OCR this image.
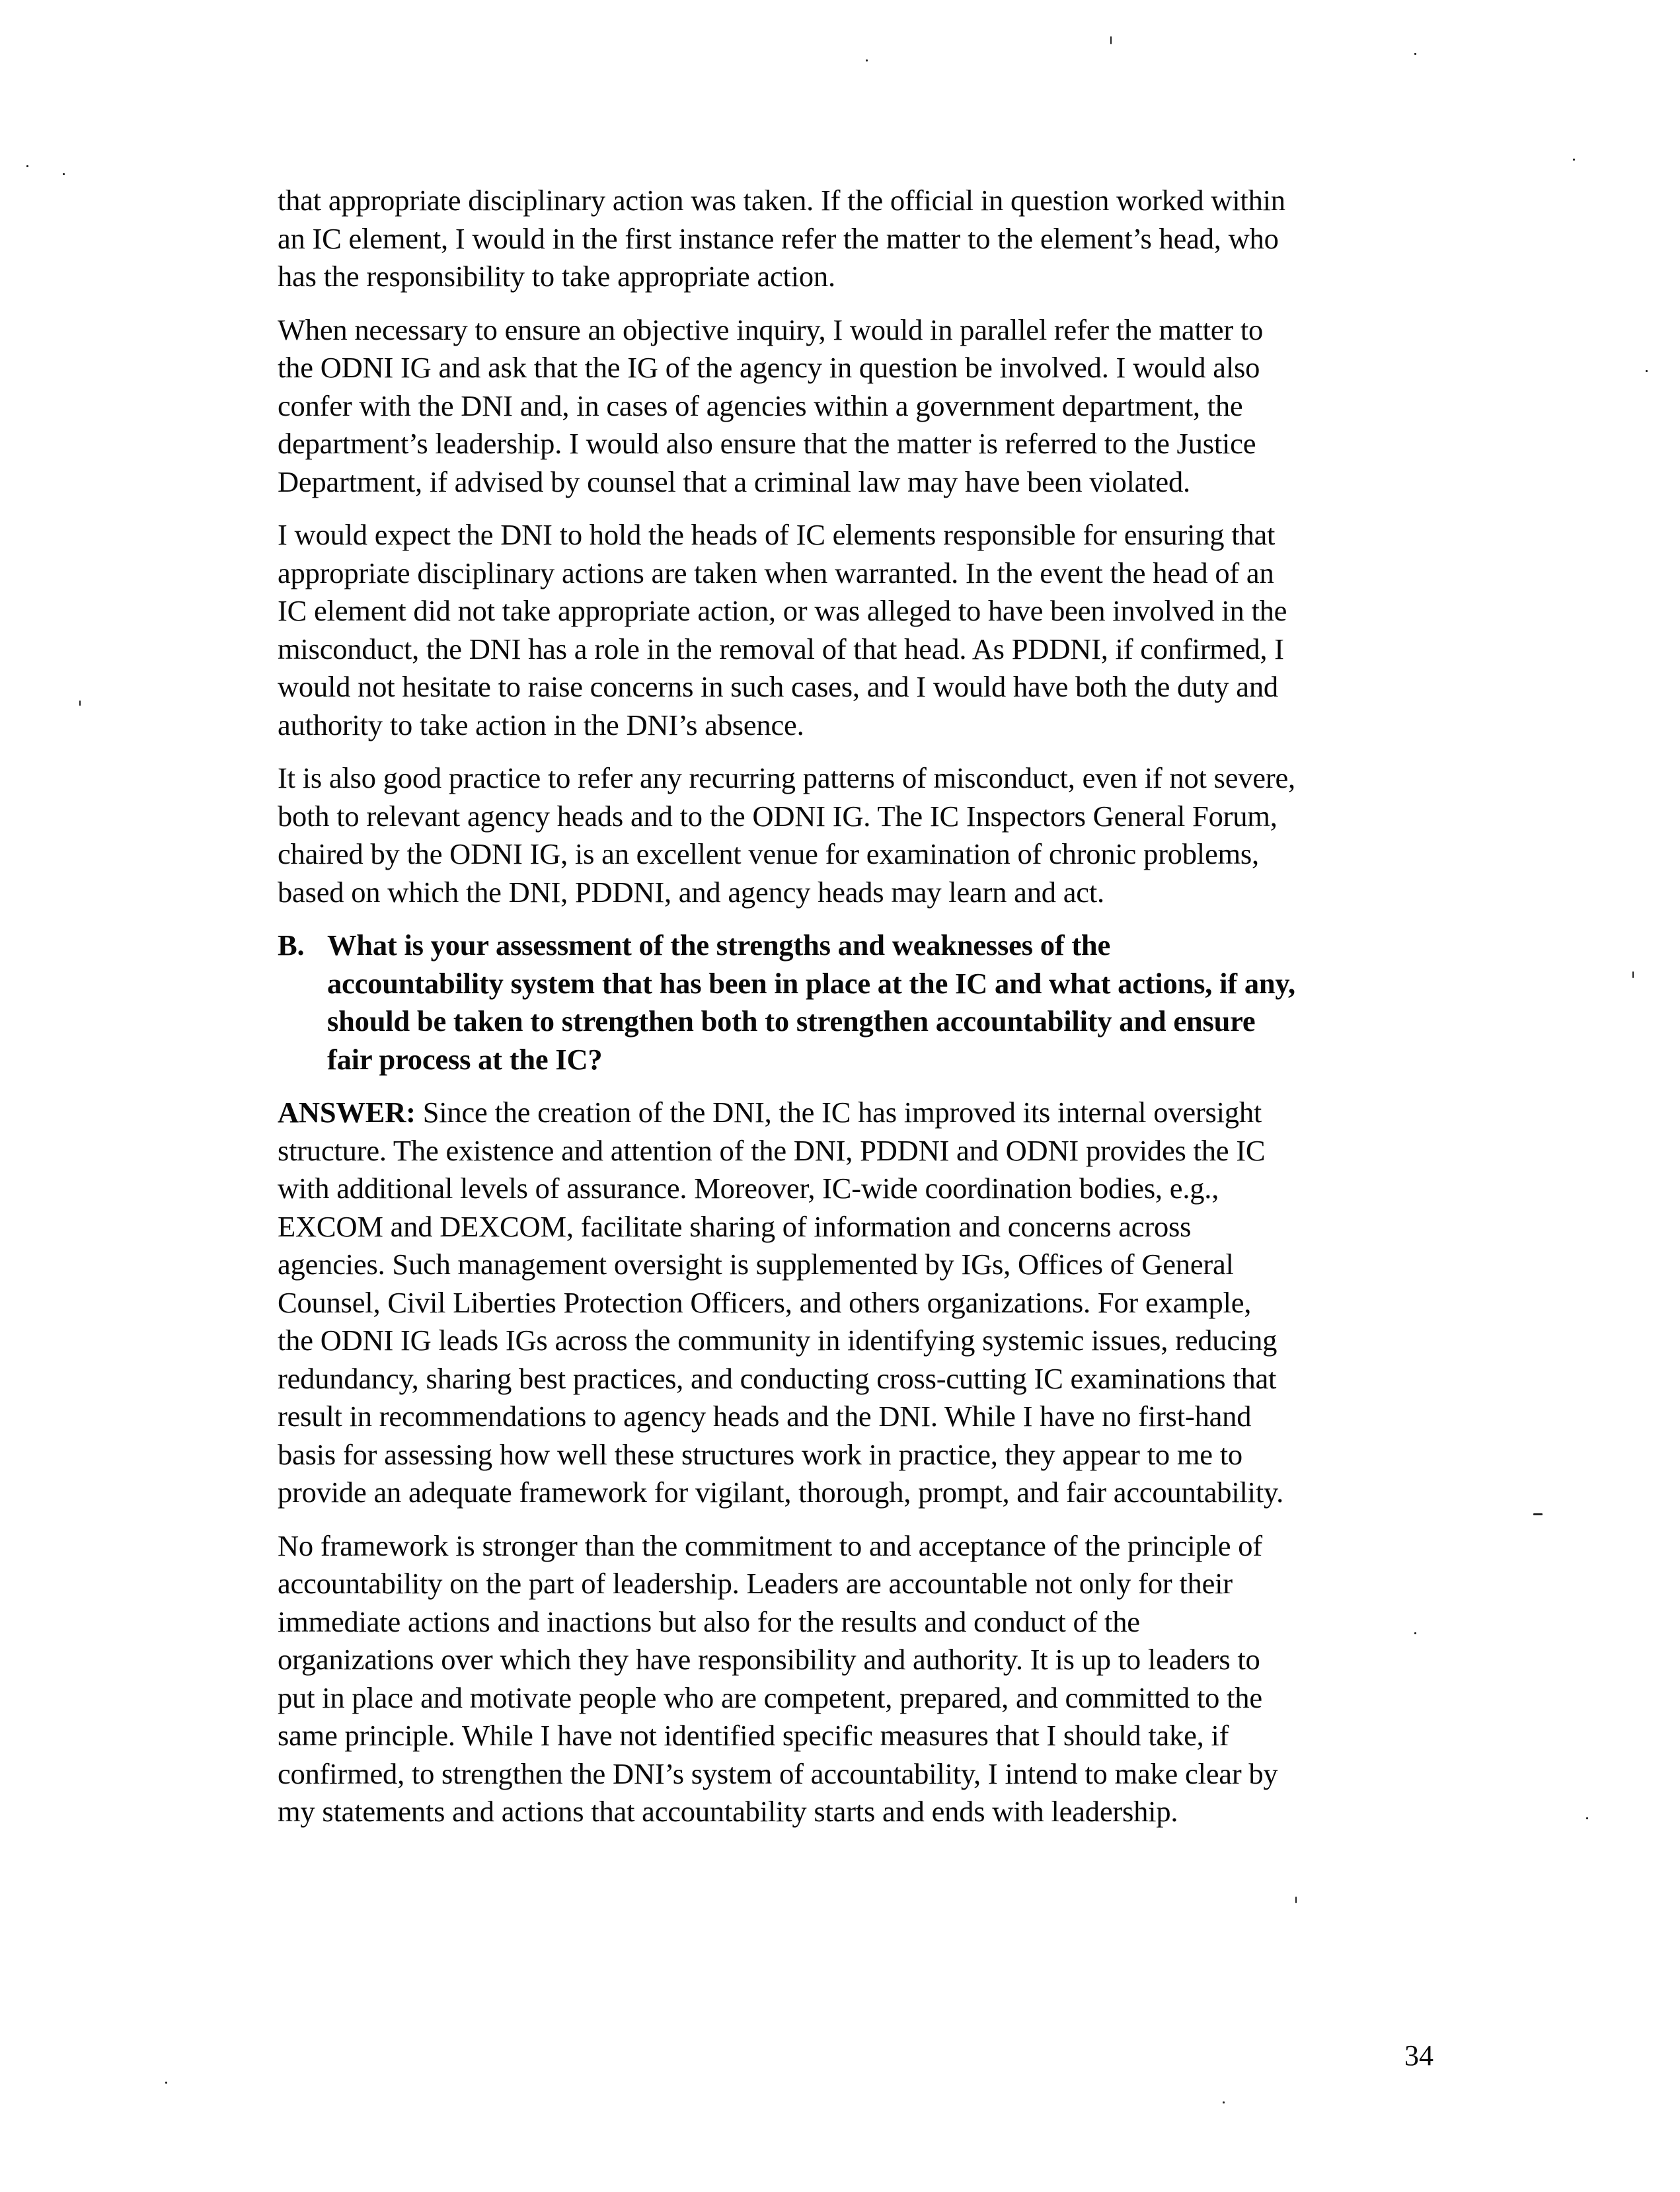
that appropriate disciplinary action was taken. If the official in question worked within
an IC element, I would in the first instance refer the matter to the element’s head, who
has the responsibility to take appropriate action.

When necessary to ensure an objective inquiry, I would in parallel refer the matter to
the ODNI IG and ask that the IG of the agency in question be involved. I would also
confer with the DNI and, in cases of agencies within a government department, the
department’s leadership. I would also ensure that the matter is referred to the Justice
Department, if advised by counsel that a criminal law may have been violated.

I would expect the DNI to hold the heads of IC elements responsible for ensuring that
appropriate disciplinary actions are taken when warranted. In the event the head of an
IC element did not take appropriate action, or was alleged to have been involved in the
misconduct, the DNI has a role in the removal of that head. As PDDNI, if confirmed, I
would not hesitate to raise concerns in such cases, and I would have both the duty and
authority to take action in the DNI’s absence.

It is also good practice to refer any recurring patterns of misconduct, even if not severe,
both to relevant agency heads and to the ODNI IG. The IC Inspectors General Forum,
chaired by the ODNI IG, is an excellent venue for examination of chronic problems,
based on which the DNI, PDDNI, and agency heads may learn and act.

B. What is your assessment of the strengths and weaknesses of the
accountability system that has been in place at the IC and what actions, if any,
should be taken to strengthen both to strengthen accountability and ensure
fair process at the IC?

ANSWER: Since the creation of the DNI, the IC has improved its internal oversight
structure. The existence and attention of the DNI, PDDNI and ODNI provides the IC
with additional levels of assurance. Moreover, IC-wide coordination bodies, e.g.,
EXCOM and DEXCOM, facilitate sharing of information and concerns across
agencies. Such management oversight is supplemented by IGs, Offices of General
Counsel, Civil Liberties Protection Officers, and others organizations. For example,
the ODNI IG leads IGs across the community in identifying systemic issues, reducing
redundancy, sharing best practices, and conducting cross-cutting IC examinations that
result in recommendations to agency heads and the DNI. While I have no first-hand
basis for assessing how well these structures work in practice, they appear to me to
provide an adequate framework for vigilant, thorough, prompt, and fair accountability.

No framework is stronger than the commitment to and acceptance of the principle of
accountability on the part of leadership. Leaders are accountable not only for their
immediate actions and inactions but also for the results and conduct of the
organizations over which they have responsibility and authority. It is up to leaders to
put in place and motivate people who are competent, prepared, and committed to the
same principle. While I have not identified specific measures that I should take, if
confirmed, to strengthen the DNI’s system of accountability, I intend to make clear by
my statements and actions that accountability starts and ends with leadership.

34
